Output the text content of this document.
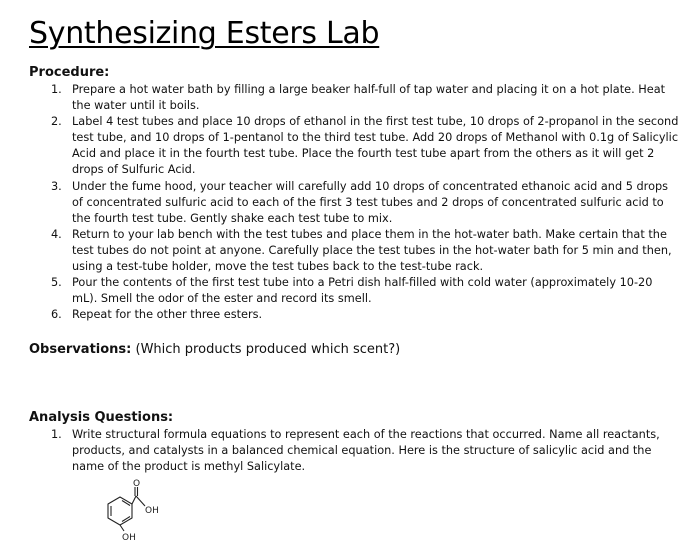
Synthesizing Esters Lab
Procedure:
1. Prepare a hot water bath by filling a large beaker half-full of tap water and placing it on a hot plate. Heat the water until it boils.
2. Label 4 test tubes and place 10 drops of ethanol in the first test tube, 10 drops of 2-propanol in the second test tube, and 10 drops of 1-pentanol to the third test tube. Add 20 drops of Methanol with 0.1g of Salicylic Acid and place it in the fourth test tube. Place the fourth test tube apart from the others as it will get 2 drops of Sulfuric Acid.
3. Under the fume hood, your teacher will carefully add 10 drops of concentrated ethanoic acid and 5 drops of concentrated sulfuric acid to each of the first 3 test tubes and 2 drops of concentrated sulfuric acid to the fourth test tube. Gently shake each test tube to mix.
4. Return to your lab bench with the test tubes and place them in the hot-water bath. Make certain that the test tubes do not point at anyone. Carefully place the test tubes in the hot-water bath for 5 min and then, using a test-tube holder, move the test tubes back to the test-tube rack.
5. Pour the contents of the first test tube into a Petri dish half-filled with cold water (approximately 10-20 mL). Smell the odor of the ester and record its smell.
6. Repeat for the other three esters.

Observations: (Which products produced which scent?)

Analysis Questions:
1. Write structural formula equations to represent each of the reactions that occurred. Name all reactants, products, and catalysts in a balanced chemical equation. Here is the structure of salicylic acid and the name of the product is methyl Salicylate.
O
OH
OH
